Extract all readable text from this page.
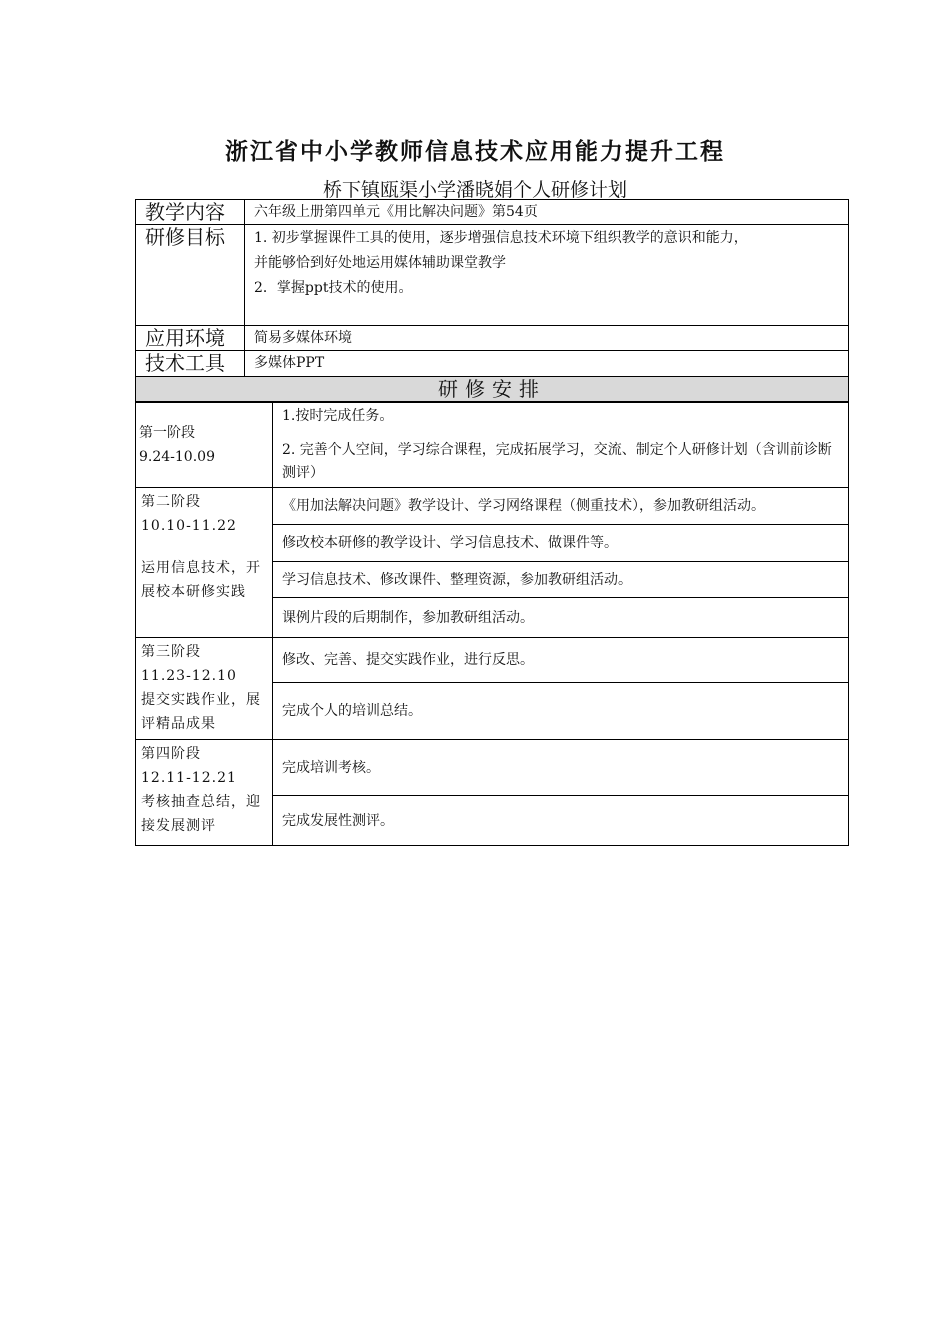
浙江省中小学教师信息技术应用能力提升工程
桥下镇瓯渠小学潘晓娟个人研修计划
教学内容	六年级上册第四单元《用比解决问题》第54页
研修目标	1. 初步掌握课件工具的使用，逐步增强信息技术环境下组织教学的意识和能力，
并能够恰到好处地运用媒体辅助课堂教学
2．掌握ppt技术的使用。

应用环境	简易多媒体环境
技术工具	多媒体PPT
研修安排	
第一阶段
9.24-10.09	1.按时完成任务。
2. 完善个人空间，学习综合课程，完成拓展学习，交流、制定个人研修计划（含训前诊断测评）

第二阶段
10.10-11.22
运用信息技术，开展校本研修实践	《用加法解决问题》教学设计、学习网络课程（侧重技术），参加教研组活动。
	修改校本研修的教学设计、学习信息技术、做课件等。
	学习信息技术、修改课件、整理资源，参加教研组活动。
	课例片段的后期制作，参加教研组活动。

第三阶段
11.23-12.10
提交实践作业，展评精品成果	修改、完善、提交实践作业，进行反思。
	完成个人的培训总结。

第四阶段
12.11-12.21
考核抽查总结，迎接发展测评	完成培训考核。
	完成发展性测评。
